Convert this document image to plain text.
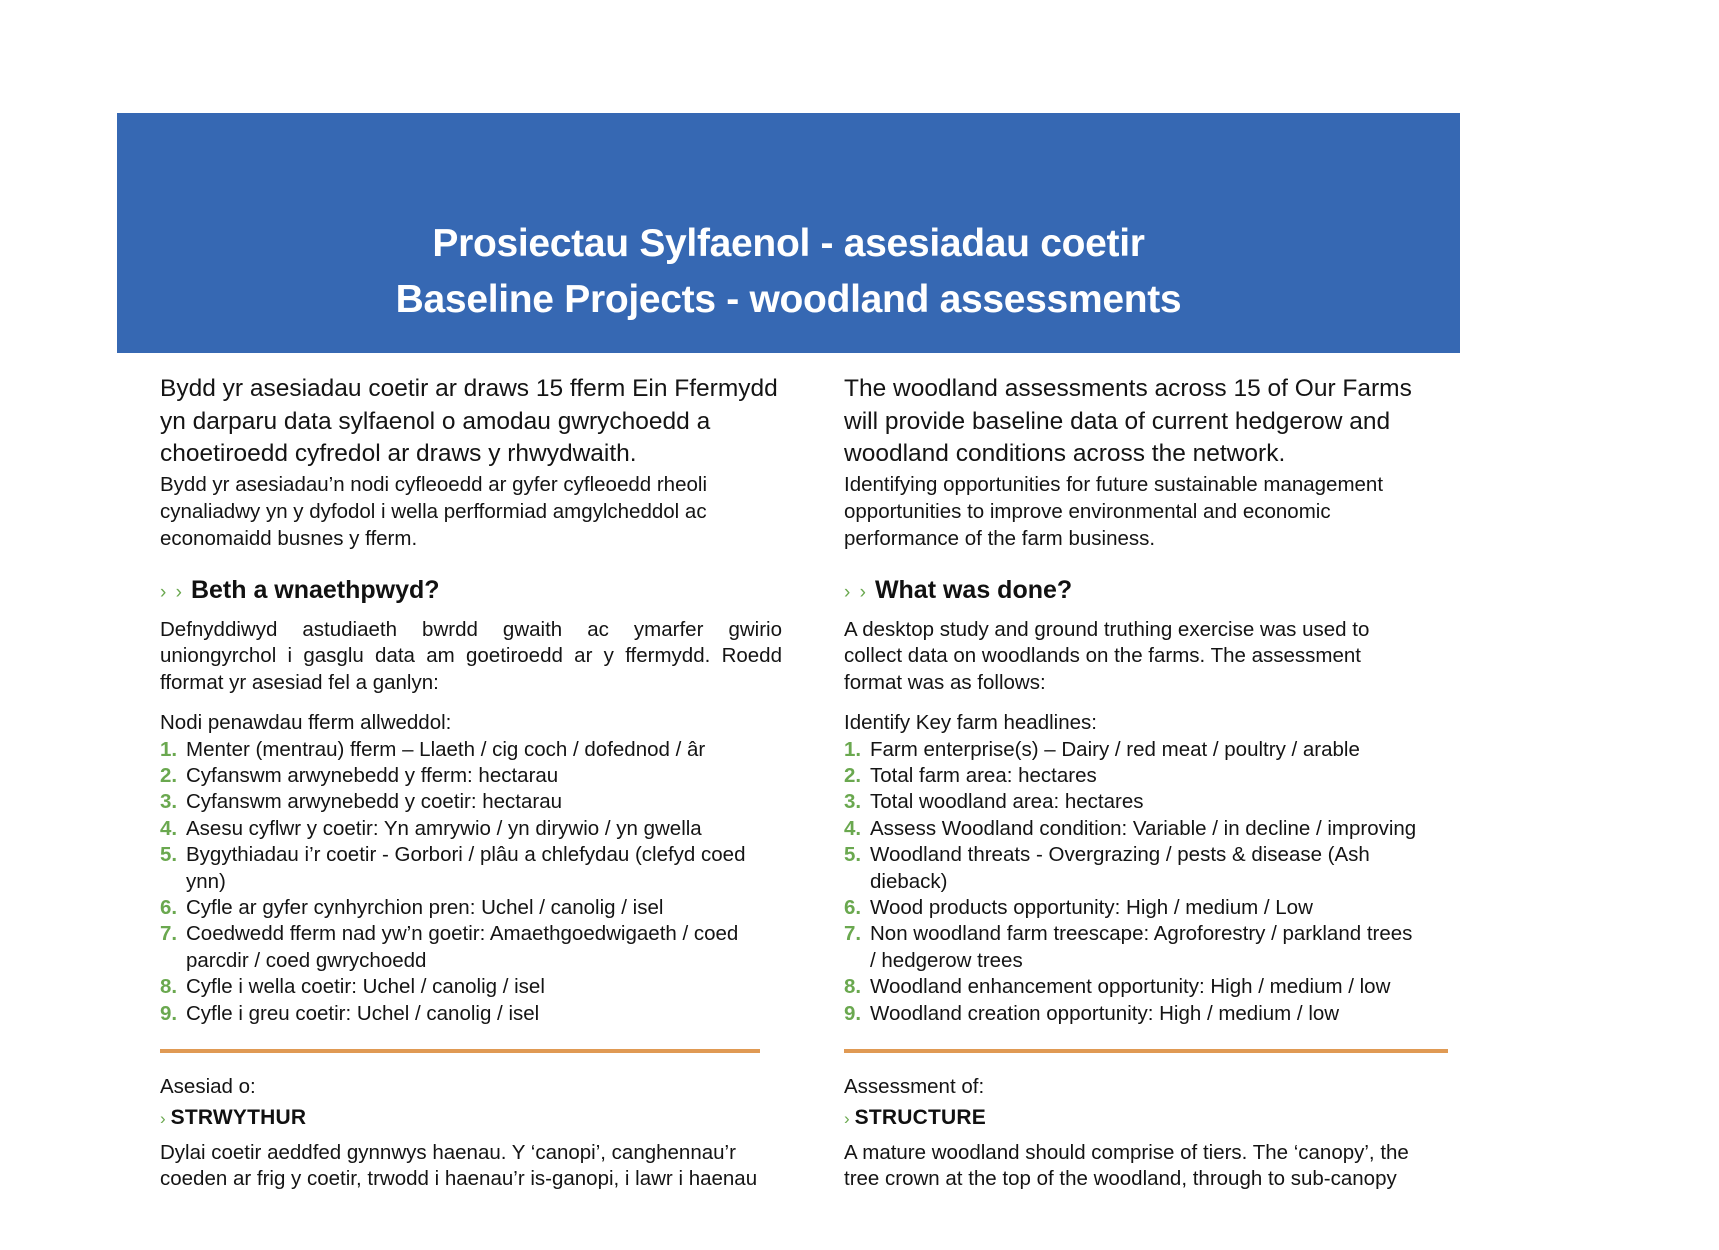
Prosiectau Sylfaenol - asesiadau coetir
Baseline Projects - woodland assessments

Bydd yr asesiadau coetir ar draws 15 fferm Ein Ffermydd yn darparu data sylfaenol o amodau gwrychoedd a choetiroedd cyfredol ar draws y rhwydwaith.

Bydd yr asesiadau’n nodi cyfleoedd ar gyfer cyfleoedd rheoli cynaliadwy yn y dyfodol i wella perfformiad amgylcheddol ac economaidd busnes y fferm.

› › Beth a wnaethpwyd?

Defnyddiwyd astudiaeth bwrdd gwaith ac ymarfer gwirio uniongyrchol i gasglu data am goetiroedd ar y ffermydd. Roedd fformat yr asesiad fel a ganlyn:

Nodi penawdau fferm allweddol:

1. Menter (mentrau) fferm – Llaeth / cig coch / dofednod / âr
2. Cyfanswm arwynebedd y fferm: hectarau
3. Cyfanswm arwynebedd y coetir: hectarau
4. Asesu cyflwr y coetir: Yn amrywio / yn dirywio / yn gwella
5. Bygythiadau i’r coetir - Gorbori / plâu a chlefydau (clefyd coed ynn)
6. Cyfle ar gyfer cynhyrchion pren: Uchel / canolig / isel
7. Coedwedd fferm nad yw’n goetir: Amaethgoedwigaeth / coed parcdir / coed gwrychoedd
8. Cyfle i wella coetir: Uchel / canolig / isel
9. Cyfle i greu coetir: Uchel / canolig / isel

Asesiad o:

› STRWYTHUR

Dylai coetir aeddfed gynnwys haenau. Y ‘canopi’, canghennau’r coeden ar frig y coetir, trwodd i haenau’r is-ganopi, i lawr i haenau

The woodland assessments across 15 of Our Farms will provide baseline data of current hedgerow and woodland conditions across the network.

Identifying opportunities for future sustainable management opportunities to improve environmental and economic performance of the farm business.

› › What was done?

A desktop study and ground truthing exercise was used to collect data on woodlands on the farms. The assessment format was as follows:

Identify Key farm headlines:

1. Farm enterprise(s) – Dairy / red meat / poultry / arable
2. Total farm area: hectares
3. Total woodland area: hectares
4. Assess Woodland condition: Variable / in decline / improving
5. Woodland threats - Overgrazing / pests & disease (Ash dieback)
6. Wood products opportunity: High / medium / Low
7. Non woodland farm treescape: Agroforestry / parkland trees / hedgerow trees
8. Woodland enhancement opportunity: High / medium / low
9. Woodland creation opportunity: High / medium / low

Assessment of:

› STRUCTURE

A mature woodland should comprise of tiers. The ‘canopy’, the tree crown at the top of the woodland, through to sub-canopy
